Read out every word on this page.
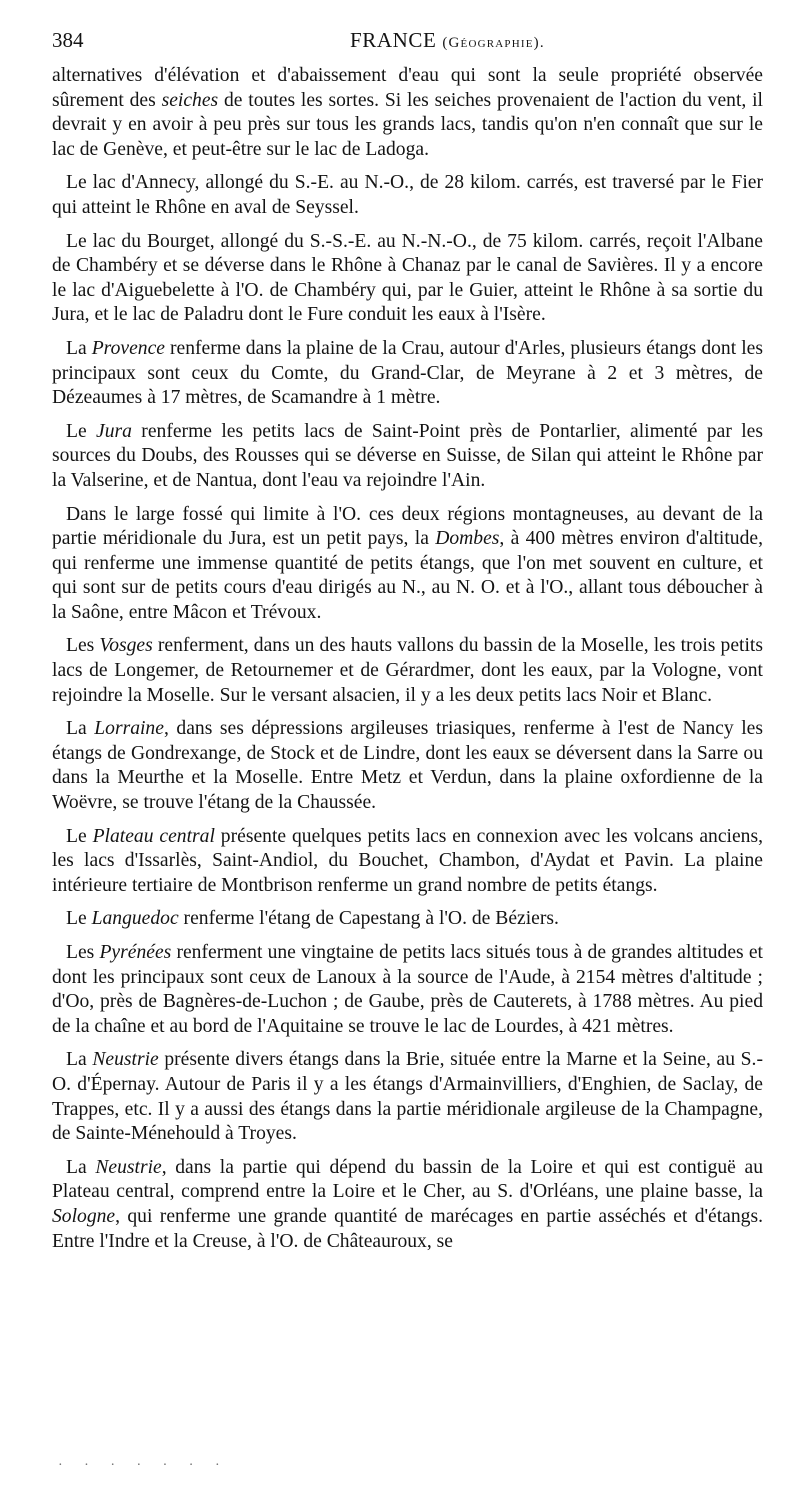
384	FRANCE (Géographie).

alternatives d'élévation et d'abaissement d'eau qui sont la seule propriété observée sûrement des seiches de toutes les sortes. Si les seiches provenaient de l'action du vent, il devrait y en avoir à peu près sur tous les grands lacs, tandis qu'on n'en connaît que sur le lac de Genève, et peut-être sur le lac de Ladoga.

Le lac d'Annecy, allongé du S.-E. au N.-O., de 28 kilom. carrés, est traversé par le Fier qui atteint le Rhône en aval de Seyssel.

Le lac du Bourget, allongé du S.-S.-E. au N.-N.-O., de 75 kilom. carrés, reçoit l'Albane de Chambéry et se déverse dans le Rhône à Chanaz par le canal de Savières. Il y a encore le lac d'Aiguebelette à l'O. de Chambéry qui, par le Guier, atteint le Rhône à sa sortie du Jura, et le lac de Paladru dont le Fure conduit les eaux à l'Isère.

La Provence renferme dans la plaine de la Crau, autour d'Arles, plusieurs étangs dont les principaux sont ceux du Comte, du Grand-Clar, de Meyrane à 2 et 3 mètres, de Dézeaumes à 17 mètres, de Scamandre à 1 mètre.

Le Jura renferme les petits lacs de Saint-Point près de Pontarlier, alimenté par les sources du Doubs, des Rousses qui se déverse en Suisse, de Silan qui atteint le Rhône par la Valserine, et de Nantua, dont l'eau va rejoindre l'Ain.

Dans le large fossé qui limite à l'O. ces deux régions montagneuses, au devant de la partie méridionale du Jura, est un petit pays, la Dombes, à 400 mètres environ d'altitude, qui renferme une immense quantité de petits étangs, que l'on met souvent en culture, et qui sont sur de petits cours d'eau dirigés au N., au N. O. et à l'O., allant tous déboucher à la Saône, entre Mâcon et Trévoux.

Les Vosges renferment, dans un des hauts vallons du bassin de la Moselle, les trois petits lacs de Longemer, de Retournemer et de Gérardmer, dont les eaux, par la Vologne, vont rejoindre la Moselle. Sur le versant alsacien, il y a les deux petits lacs Noir et Blanc.

La Lorraine, dans ses dépressions argileuses triasiques, renferme à l'est de Nancy les étangs de Gondrexange, de Stock et de Lindre, dont les eaux se déversent dans la Sarre ou dans la Meurthe et la Moselle. Entre Metz et Verdun, dans la plaine oxfordienne de la Woëvre, se trouve l'étang de la Chaussée.

Le Plateau central présente quelques petits lacs en connexion avec les volcans anciens, les lacs d'Issarlès, Saint-Andiol, du Bouchet, Chambon, d'Aydat et Pavin. La plaine intérieure tertiaire de Montbrison renferme un grand nombre de petits étangs.

Le Languedoc renferme l'étang de Capestang à l'O. de Béziers.

Les Pyrénées renferment une vingtaine de petits lacs situés tous à de grandes altitudes et dont les principaux sont ceux de Lanoux à la source de l'Aude, à 2154 mètres d'altitude ; d'Oo, près de Bagnères-de-Luchon ; de Gaube, près de Cauterets, à 1788 mètres. Au pied de la chaîne et au bord de l'Aquitaine se trouve le lac de Lourdes, à 421 mètres.

La Neustrie présente divers étangs dans la Brie, située entre la Marne et la Seine, au S.-O. d'Épernay. Autour de Paris il y a les étangs d'Armainvilliers, d'Enghien, de Saclay, de Trappes, etc. Il y a aussi des étangs dans la partie méridionale argileuse de la Champagne, de Sainte-Ménehould à Troyes.

La Neustrie, dans la partie qui dépend du bassin de la Loire et qui est contiguë au Plateau central, comprend entre la Loire et le Cher, au S. d'Orléans, une plaine basse, la Sologne, qui renferme une grande quantité de marécages en partie asséchés et d'étangs. Entre l'Indre et la Creuse, à l'O. de Châteauroux, se

· · · · · · ·
